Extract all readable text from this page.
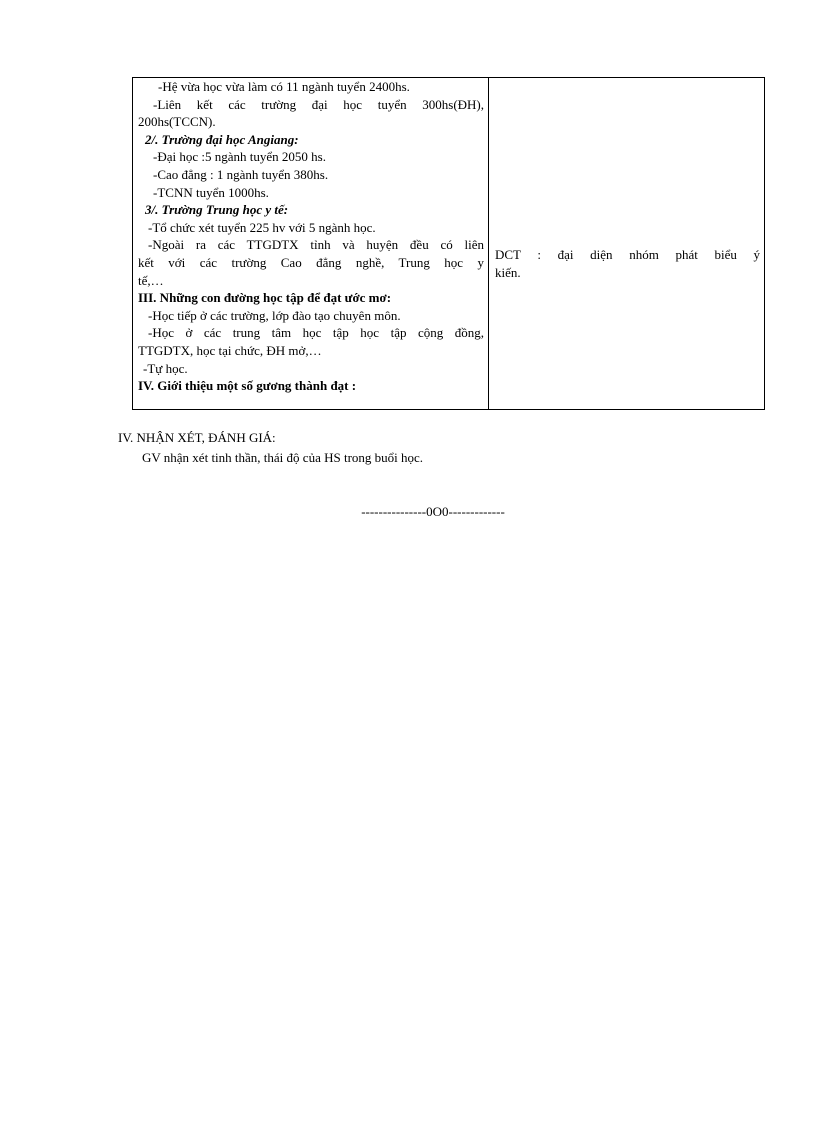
-Hệ vừa học vừa làm có 11 ngành tuyển 2400hs.
-Liên kết các trường đại học tuyển 300hs(ĐH),
200hs(TCCN).
2/. Trường đại học Angiang:
-Đại học :5 ngành tuyển 2050 hs.
-Cao đẳng : 1 ngành tuyển 380hs.
-TCNN tuyển 1000hs.
3/. Trường Trung học y tế:
-Tổ chức xét tuyển 225 hv với 5 ngành học.
-Ngoài ra các TTGDTX tỉnh và huyện đều có liên
kết với các trường Cao đẳng nghề, Trung học y
tế,…
III. Những con đường học tập để đạt ước mơ:
-Học tiếp ở các trường, lớp đào tạo chuyên môn.
-Học ở các trung tâm học tập học tập cộng đồng,
TTGDTX, học tại chức, ĐH mở,…
-Tự học.
IV. Giới thiệu một số gương thành đạt :
DCT : đại diện nhóm phát biểu ý
kiến.
IV. NHẬN XÉT, ĐÁNH GIÁ:
GV nhận xét tinh thần, thái độ của HS trong buổi học.
---------------0O0-------------
